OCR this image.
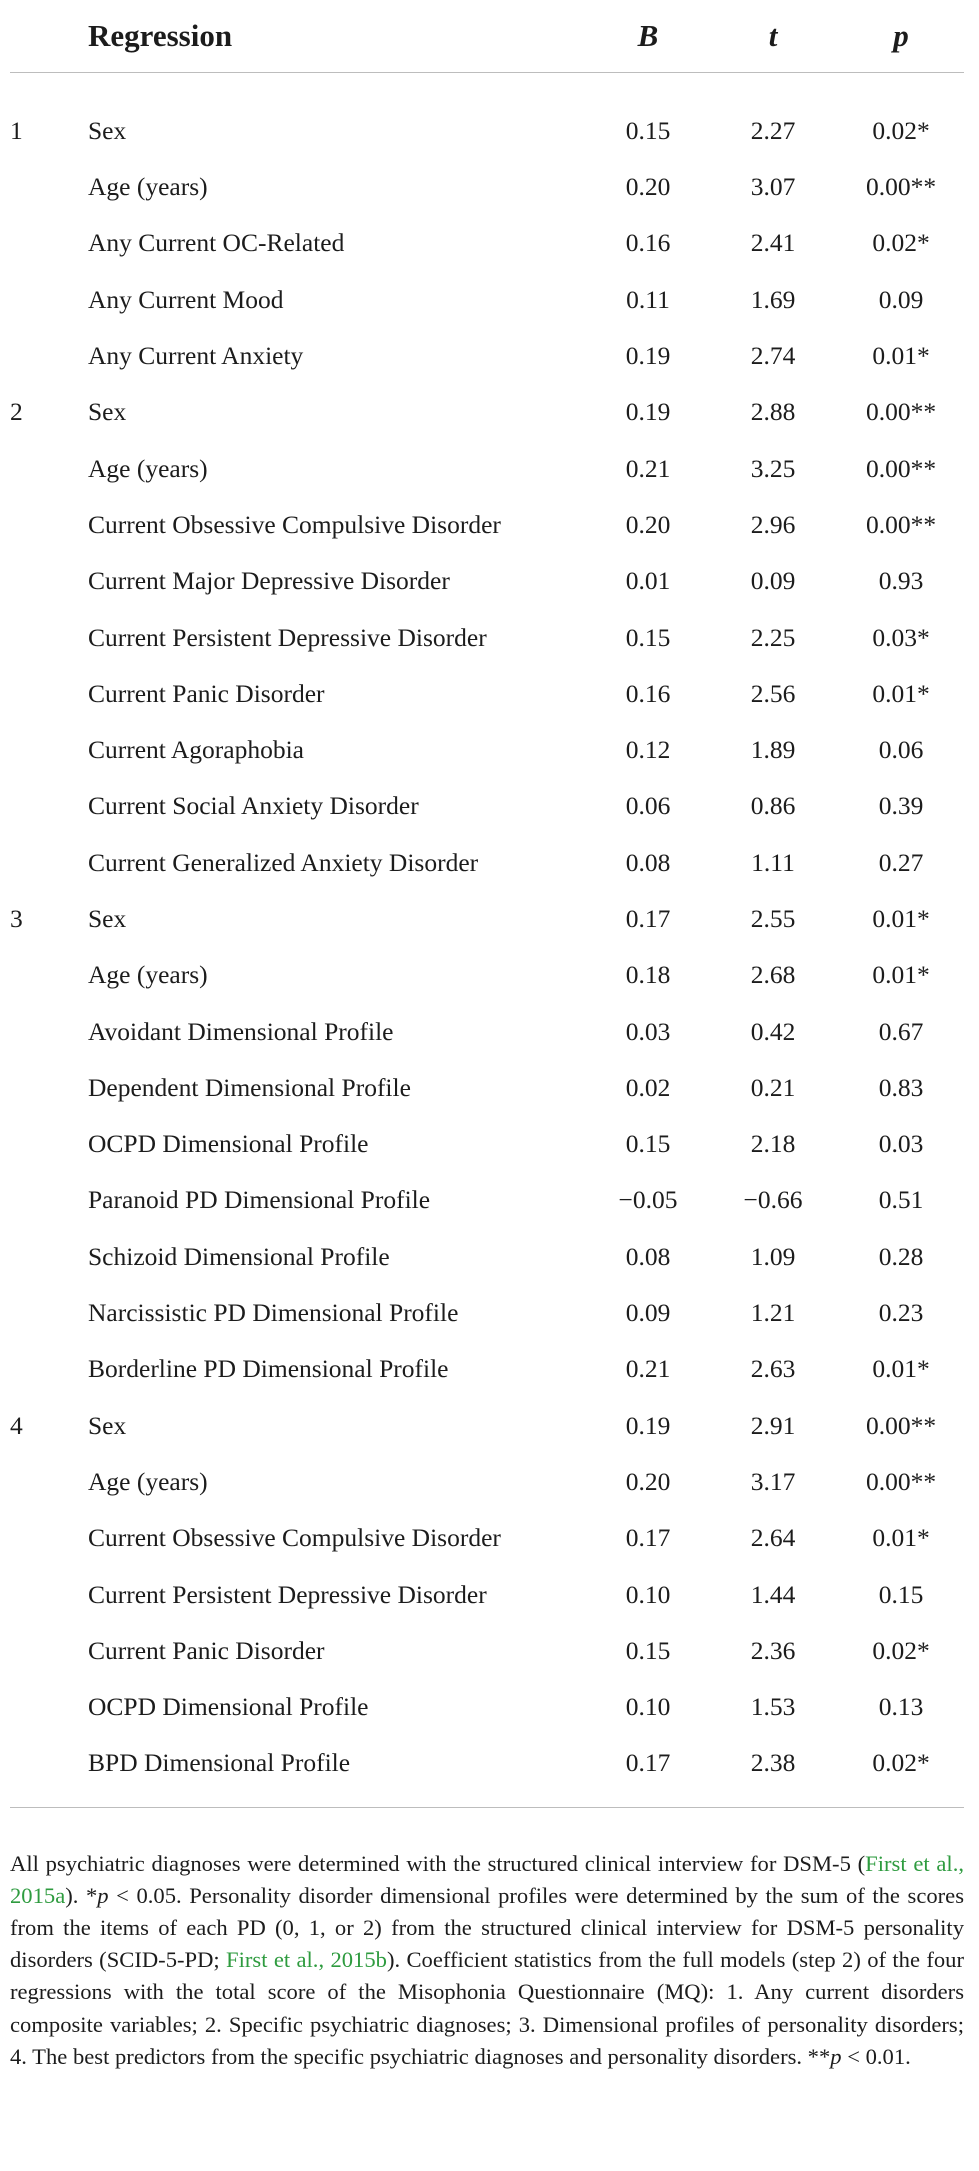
	Regression	B	t	p
1	Sex	0.15	2.27	0.02*
	Age (years)	0.20	3.07	0.00**
	Any Current OC-Related	0.16	2.41	0.02*
	Any Current Mood	0.11	1.69	0.09
	Any Current Anxiety	0.19	2.74	0.01*
2	Sex	0.19	2.88	0.00**
	Age (years)	0.21	3.25	0.00**
	Current Obsessive Compulsive Disorder	0.20	2.96	0.00**
	Current Major Depressive Disorder	0.01	0.09	0.93
	Current Persistent Depressive Disorder	0.15	2.25	0.03*
	Current Panic Disorder	0.16	2.56	0.01*
	Current Agoraphobia	0.12	1.89	0.06
	Current Social Anxiety Disorder	0.06	0.86	0.39
	Current Generalized Anxiety Disorder	0.08	1.11	0.27
3	Sex	0.17	2.55	0.01*
	Age (years)	0.18	2.68	0.01*
	Avoidant Dimensional Profile	0.03	0.42	0.67
	Dependent Dimensional Profile	0.02	0.21	0.83
	OCPD Dimensional Profile	0.15	2.18	0.03
	Paranoid PD Dimensional Profile	−0.05	−0.66	0.51
	Schizoid Dimensional Profile	0.08	1.09	0.28
	Narcissistic PD Dimensional Profile	0.09	1.21	0.23
	Borderline PD Dimensional Profile	0.21	2.63	0.01*
4	Sex	0.19	2.91	0.00**
	Age (years)	0.20	3.17	0.00**
	Current Obsessive Compulsive Disorder	0.17	2.64	0.01*
	Current Persistent Depressive Disorder	0.10	1.44	0.15
	Current Panic Disorder	0.15	2.36	0.02*
	OCPD Dimensional Profile	0.10	1.53	0.13
	BPD Dimensional Profile	0.17	2.38	0.02*

All psychiatric diagnoses were determined with the structured clinical interview for DSM-5 (First et al., 2015a). *p < 0.05. Personality disorder dimensional profiles were determined by the sum of the scores from the items of each PD (0, 1, or 2) from the structured clinical interview for DSM-5 personality disorders (SCID-5-PD; First et al., 2015b). Coefficient statistics from the full models (step 2) of the four regressions with the total score of the Misophonia Questionnaire (MQ): 1. Any current disorders composite variables; 2. Specific psychiatric diagnoses; 3. Dimensional profiles of personality disorders; 4. The best predictors from the specific psychiatric diagnoses and personality disorders. **p < 0.01.
